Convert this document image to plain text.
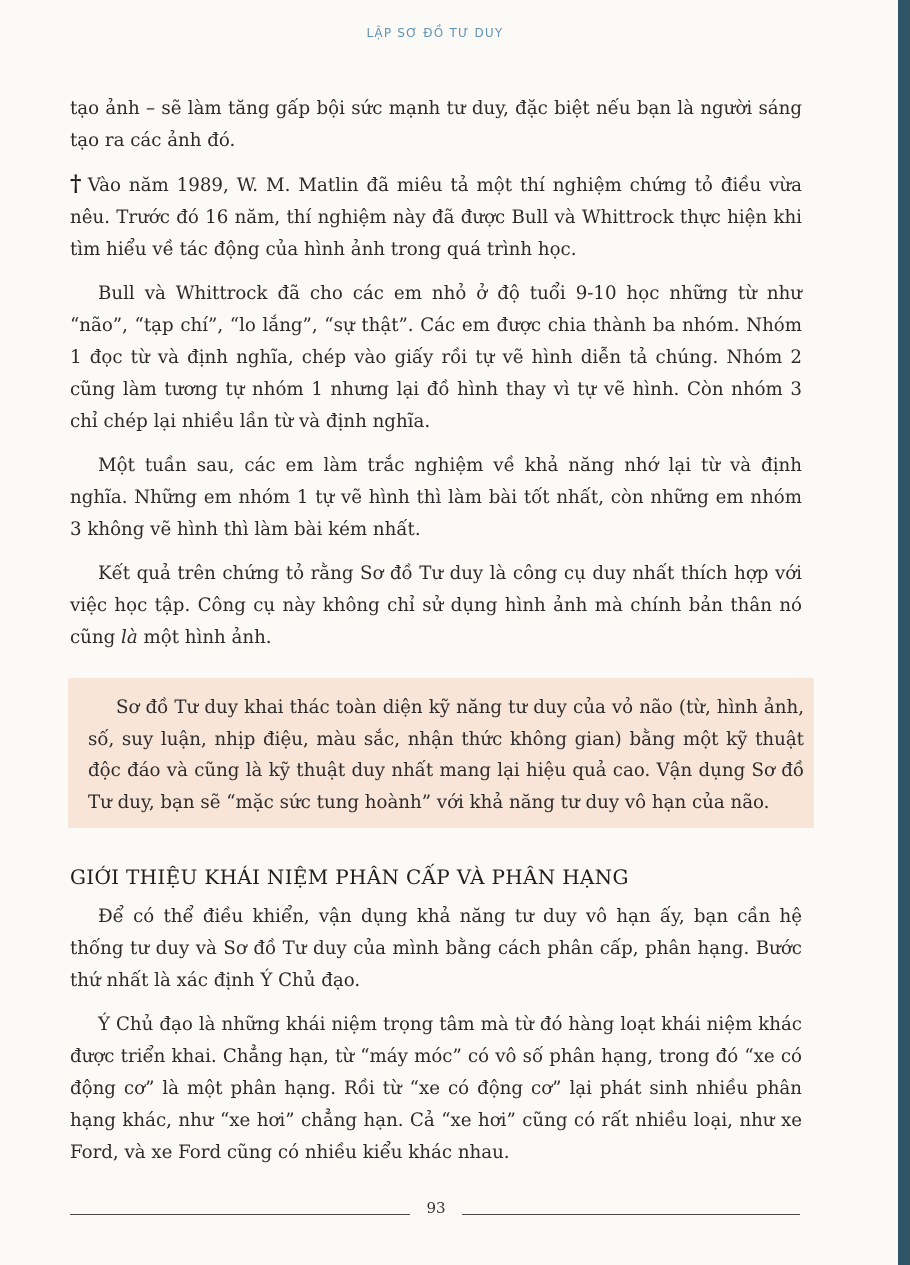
LẬP SƠ ĐỒ TƯ DUY

tạo ảnh – sẽ làm tăng gấp bội sức mạnh tư duy, đặc biệt nếu bạn là người sáng tạo ra các ảnh đó.

† Vào năm 1989, W. M. Matlin đã miêu tả một thí nghiệm chứng tỏ điều vừa nêu. Trước đó 16 năm, thí nghiệm này đã được Bull và Whittrock thực hiện khi tìm hiểu về tác động của hình ảnh trong quá trình học.

Bull và Whittrock đã cho các em nhỏ ở độ tuổi 9-10 học những từ như “não”, “tạp chí”, “lo lắng”, “sự thật”. Các em được chia thành ba nhóm. Nhóm 1 đọc từ và định nghĩa, chép vào giấy rồi tự vẽ hình diễn tả chúng. Nhóm 2 cũng làm tương tự nhóm 1 nhưng lại đồ hình thay vì tự vẽ hình. Còn nhóm 3 chỉ chép lại nhiều lần từ và định nghĩa.

Một tuần sau, các em làm trắc nghiệm về khả năng nhớ lại từ và định nghĩa. Những em nhóm 1 tự vẽ hình thì làm bài tốt nhất, còn những em nhóm 3 không vẽ hình thì làm bài kém nhất.

Kết quả trên chứng tỏ rằng Sơ đồ Tư duy là công cụ duy nhất thích hợp với việc học tập. Công cụ này không chỉ sử dụng hình ảnh mà chính bản thân nó cũng là một hình ảnh.

Sơ đồ Tư duy khai thác toàn diện kỹ năng tư duy của vỏ não (từ, hình ảnh, số, suy luận, nhịp điệu, màu sắc, nhận thức không gian) bằng một kỹ thuật độc đáo và cũng là kỹ thuật duy nhất mang lại hiệu quả cao. Vận dụng Sơ đồ Tư duy, bạn sẽ “mặc sức tung hoành” với khả năng tư duy vô hạn của não.

GIỚI THIỆU KHÁI NIỆM PHÂN CẤP VÀ PHÂN HẠNG

Để có thể điều khiển, vận dụng khả năng tư duy vô hạn ấy, bạn cần hệ thống tư duy và Sơ đồ Tư duy của mình bằng cách phân cấp, phân hạng. Bước thứ nhất là xác định Ý Chủ đạo.

Ý Chủ đạo là những khái niệm trọng tâm mà từ đó hàng loạt khái niệm khác được triển khai. Chẳng hạn, từ “máy móc” có vô số phân hạng, trong đó “xe có động cơ” là một phân hạng. Rồi từ “xe có động cơ” lại phát sinh nhiều phân hạng khác, như “xe hơi” chẳng hạn. Cả “xe hơi” cũng có rất nhiều loại, như xe Ford, và xe Ford cũng có nhiều kiểu khác nhau.

93
